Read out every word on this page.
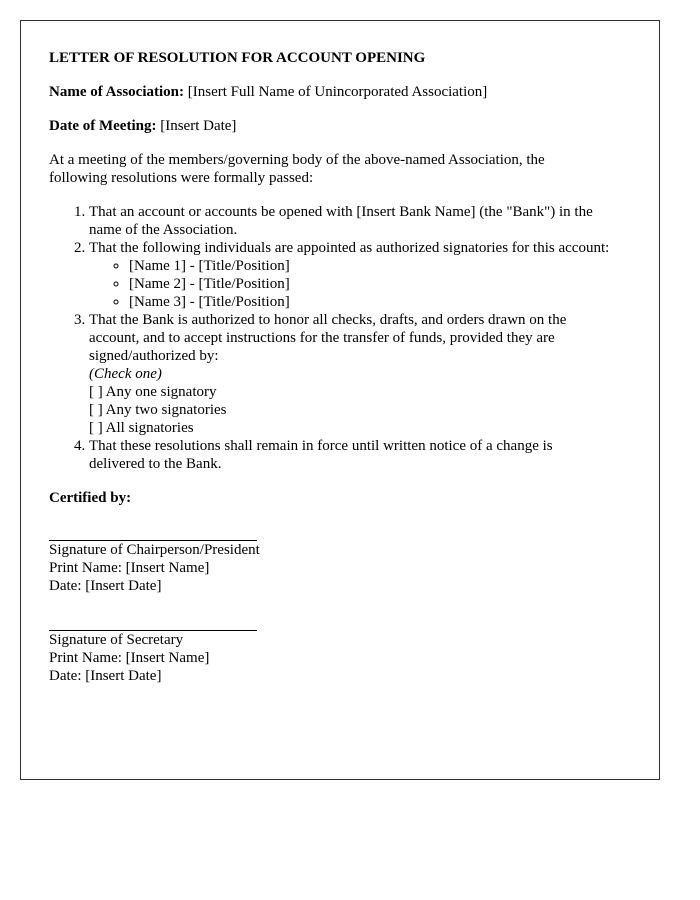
LETTER OF RESOLUTION FOR ACCOUNT OPENING
Name of Association: [Insert Full Name of Unincorporated Association]
Date of Meeting: [Insert Date]
At a meeting of the members/governing body of the above-named Association, the following resolutions were formally passed:
1. That an account or accounts be opened with [Insert Bank Name] (the "Bank") in the name of the Association.
2. That the following individuals are appointed as authorized signatories for this account:
◦ [Name 1] - [Title/Position]
◦ [Name 2] - [Title/Position]
◦ [Name 3] - [Title/Position]
3. That the Bank is authorized to honor all checks, drafts, and orders drawn on the account, and to accept instructions for the transfer of funds, provided they are signed/authorized by:
(Check one)
[ ] Any one signatory
[ ] Any two signatories
[ ] All signatories
4. That these resolutions shall remain in force until written notice of a change is delivered to the Bank.
Certified by:
Signature of Chairperson/President
Print Name: [Insert Name]
Date: [Insert Date]
Signature of Secretary
Print Name: [Insert Name]
Date: [Insert Date]
